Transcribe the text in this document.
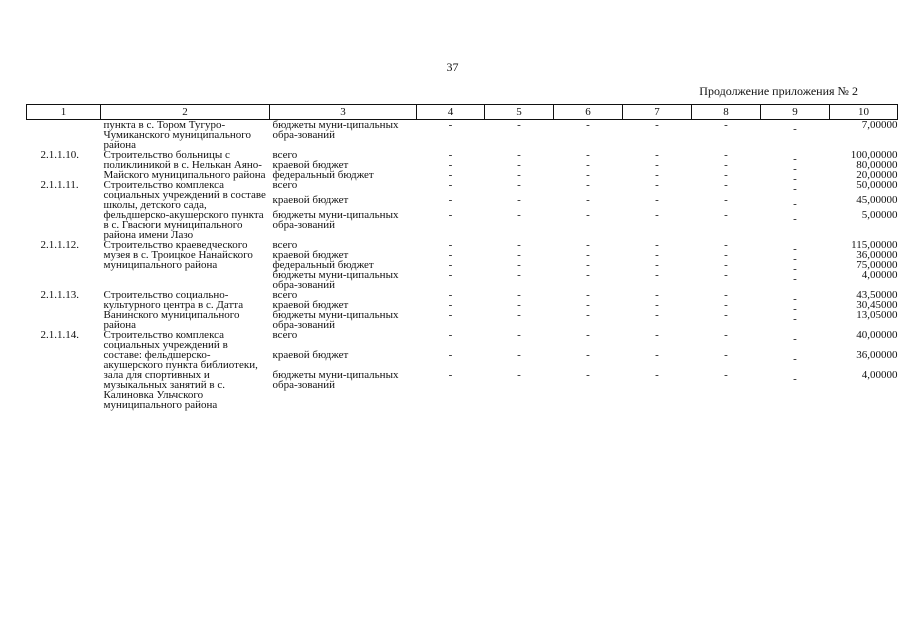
37
Продолжение приложения № 2
1	2	3	4	5	6	7	8	9	10
	пункта в с. Тором Тугуро-Чумиканского муниципального района	бюджеты муни-ципальных обра-зований	-	-	-	-	-	-	7,00000
2.1.1.10.	Строительство больницы с поликлиникой в с. Нелькан Аяно-Майского муниципального района	всего	-	-	-	-	-	-	100,00000
		краевой бюджет	-	-	-	-	-	-	80,00000
		федеральный бюджет	-	-	-	-	-	-	20,00000
2.1.1.11.	Строительство комплекса социальных учреждений в составе школы, детского сада, фельдшерско-акушерского пункта в с. Гвасюги муниципального района имени Лазо	всего	-	-	-	-	-	-	50,00000
		краевой бюджет	-	-	-	-	-	-	45,00000
		бюджеты муни-ципальных обра-зований	-	-	-	-	-	-	5,00000
2.1.1.12.	Строительство краеведческого музея в с. Троицкое Нанайского муниципального района	всего	-	-	-	-	-	-	115,00000
		краевой бюджет	-	-	-	-	-	-	36,00000
		федеральный бюджет	-	-	-	-	-	-	75,00000
		бюджеты муни-ципальных обра-зований	-	-	-	-	-	-	4,00000
2.1.1.13.	Строительство социально-культурного центра в с. Датта Ванинского муниципального района	всего	-	-	-	-	-	-	43,50000
		краевой бюджет	-	-	-	-	-	-	30,45000
		бюджеты муни-ципальных обра-зований	-	-	-	-	-	-	13,05000
2.1.1.14.	Строительство комплекса социальных учреждений в составе: фельдшерско-акушерского пункта библиотеки, зала для спортивных и музыкальных занятий в с. Калиновка Ульчского муниципального района	всего	-	-	-	-	-	-	40,00000
		краевой бюджет	-	-	-	-	-	-	36,00000
		бюджеты муни-ципальных обра-зований	-	-	-	-	-	-	4,00000
